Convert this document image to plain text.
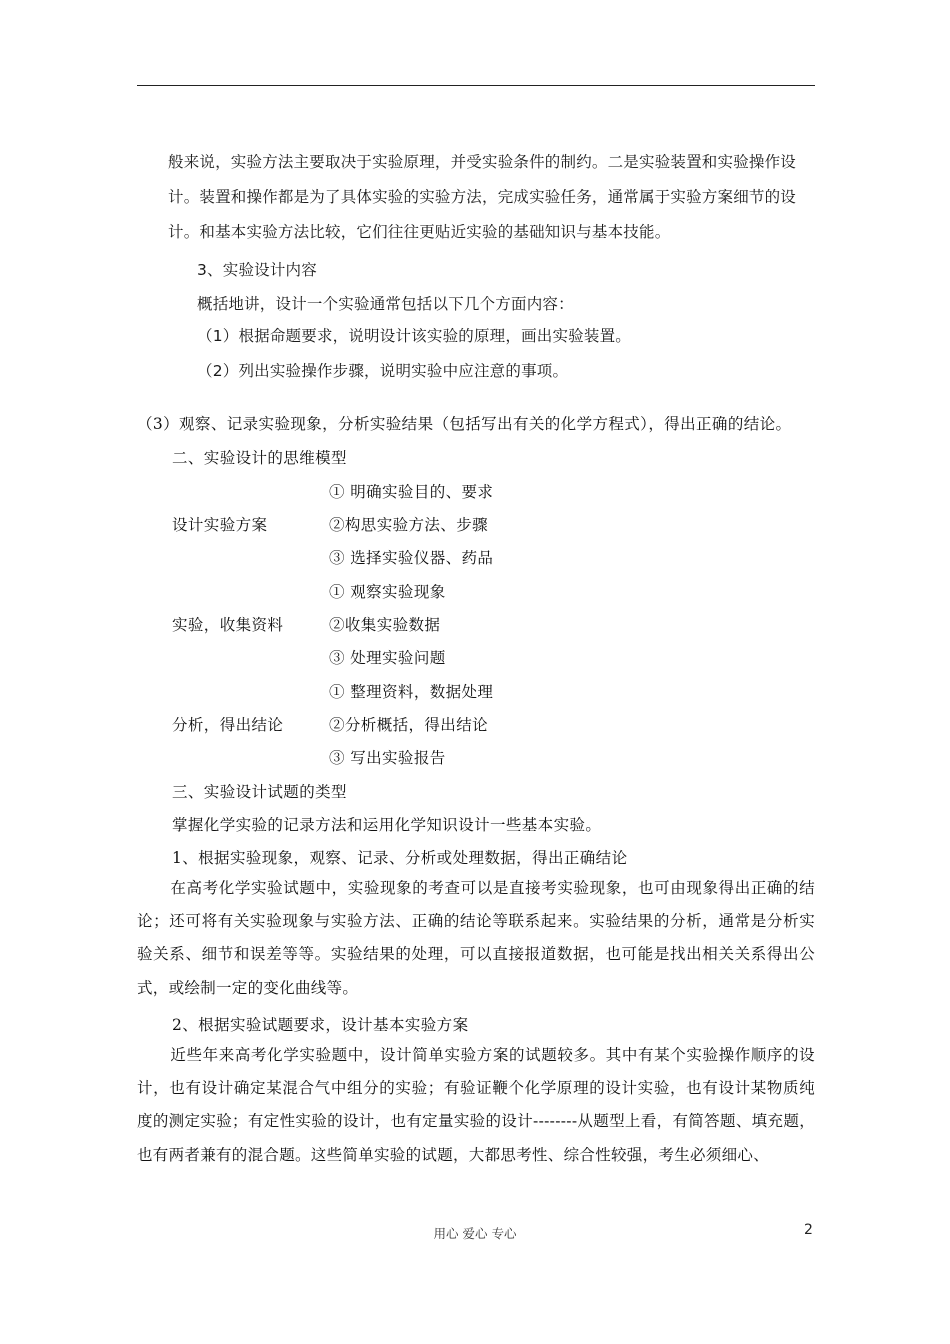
般来说，实验方法主要取决于实验原理，并受实验条件的制约。二是实验装置和实验操作设
计。装置和操作都是为了具体实验的实验方法，完成实验任务，通常属于实验方案细节的设
计。和基本实验方法比较，它们往往更贴近实验的基础知识与基本技能。
3、实验设计内容
概括地讲，设计一个实验通常包括以下几个方面内容：
（1）根据命题要求，说明设计该实验的原理，画出实验装置。
（2）列出实验操作步骤，说明实验中应注意的事项。
（3）观察、记录实验现象，分析实验结果（包括写出有关的化学方程式），得出正确的结论。
二、实验设计的思维模型
设计实验方案
① 明确实验目的、要求
②构思实验方法、步骤
③ 选择实验仪器、药品
实验，收集资料
① 观察实验现象
②收集实验数据
③ 处理实验问题
分析，得出结论
① 整理资料，数据处理
②分析概括，得出结论
③ 写出实验报告
三、实验设计试题的类型
掌握化学实验的记录方法和运用化学知识设计一些基本实验。
1、根据实验现象，观察、记录、分析或处理数据，得出正确结论
在高考化学实验试题中，实验现象的考查可以是直接考实验现象，也可由现象得出正确的结论；还可将有关实验现象与实验方法、正确的结论等联系起来。实验结果的分析，通常是分析实验关系、细节和误差等等。实验结果的处理，可以直接报道数据，也可能是找出相关关系得出公式，或绘制一定的变化曲线等。
2、根据实验试题要求，设计基本实验方案
近些年来高考化学实验题中，设计简单实验方案的试题较多。其中有某个实验操作顺序的设计，也有设计确定某混合气中组分的实验；有验证鞭个化学原理的设计实验，也有设计某物质纯度的测定实验；有定性实验的设计，也有定量实验的设计--------从题型上看，有简答题、填充题，也有两者兼有的混合题。这些简单实验的试题，大都思考性、综合性较强，考生必须细心、
用心 爱心 专心	2
